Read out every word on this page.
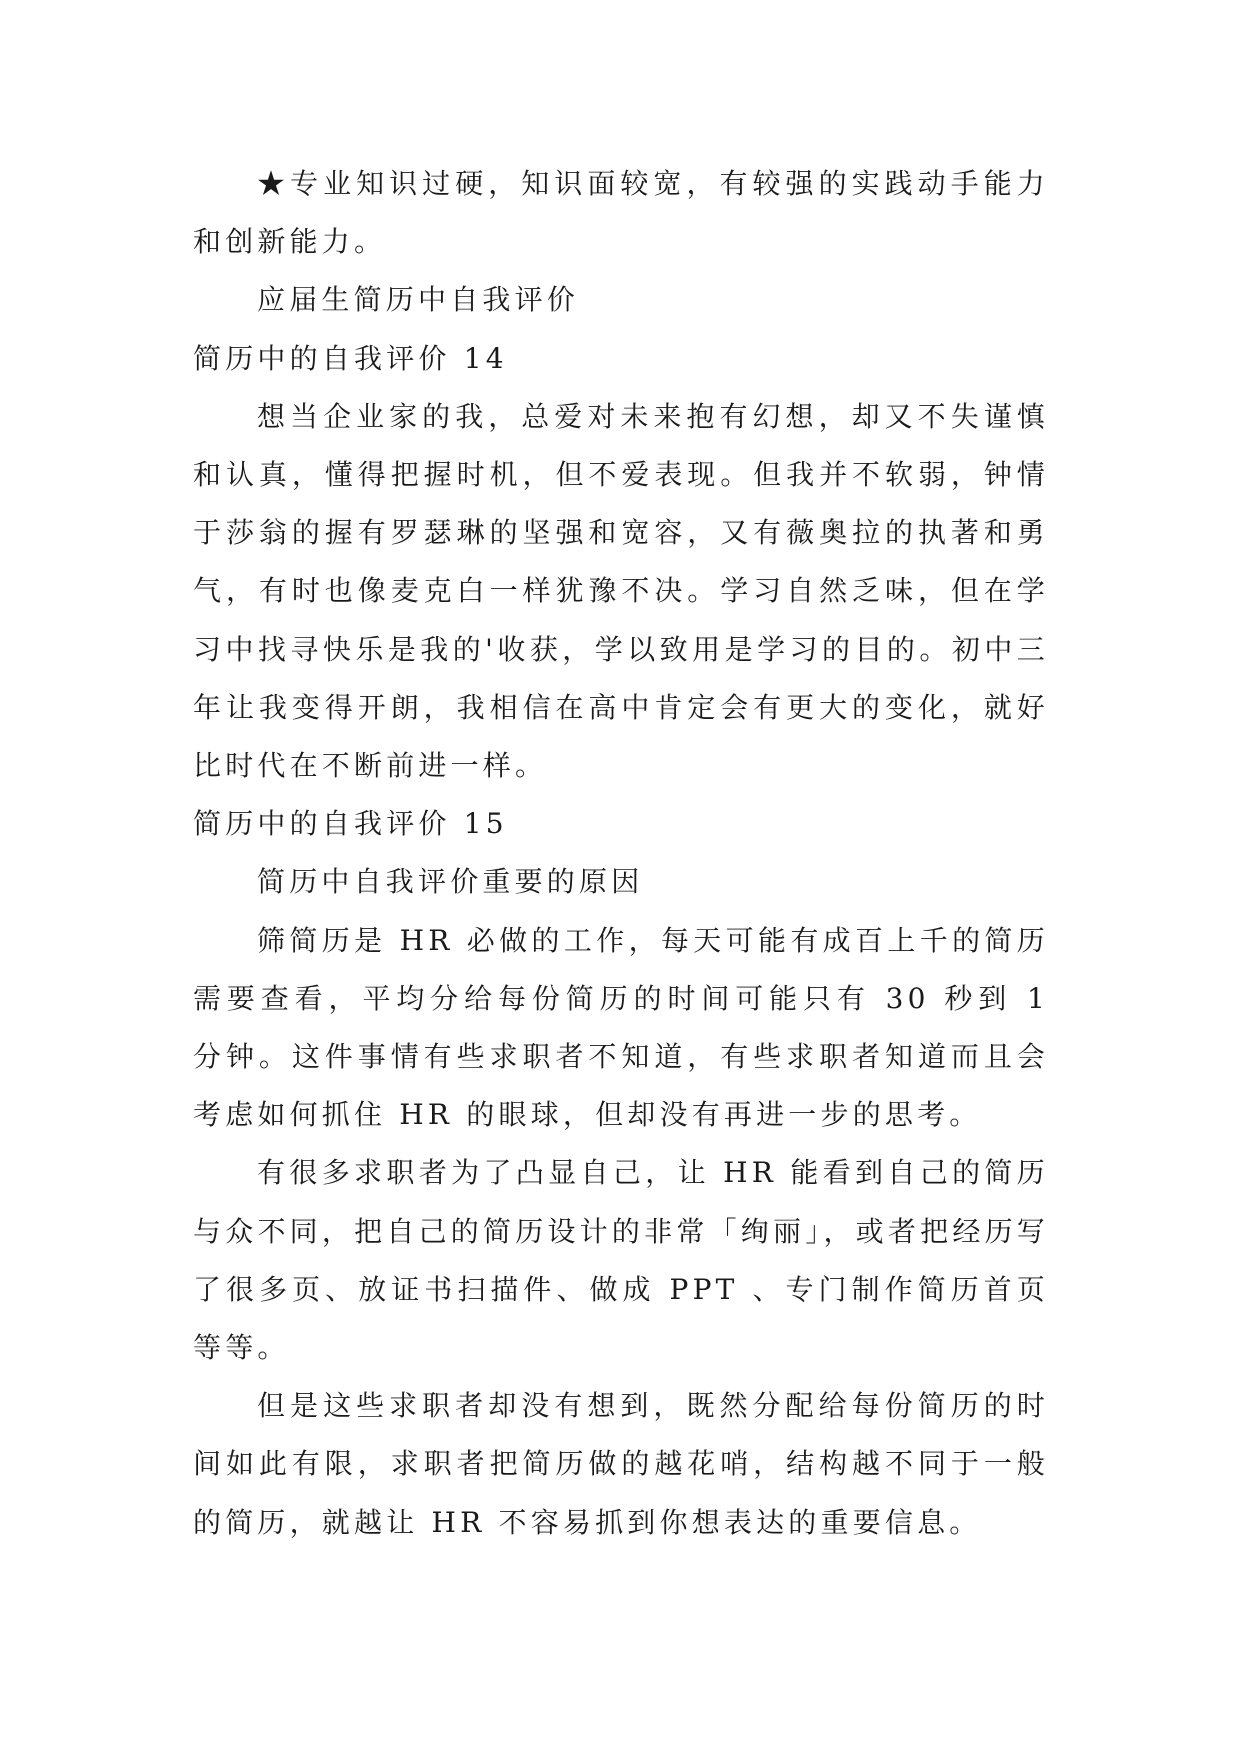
★专业知识过硬，知识面较宽，有较强的实践动手能力和创新能力。

应届生简历中自我评价

简历中的自我评价 14

想当企业家的我，总爱对未来抱有幻想，却又不失谨慎和认真，懂得把握时机，但不爱表现。但我并不软弱，钟情于莎翁的握有罗瑟琳的坚强和宽容，又有薇奥拉的执著和勇气，有时也像麦克白一样犹豫不决。学习自然乏味，但在学习中找寻快乐是我的'收获，学以致用是学习的目的。初中三年让我变得开朗，我相信在高中肯定会有更大的变化，就好比时代在不断前进一样。

简历中的自我评价 15

简历中自我评价重要的原因

筛简历是 HR 必做的工作，每天可能有成百上千的简历需要查看，平均分给每份简历的时间可能只有 30 秒到 1 分钟。这件事情有些求职者不知道，有些求职者知道而且会考虑如何抓住 HR 的眼球，但却没有再进一步的思考。

有很多求职者为了凸显自己，让 HR 能看到自己的简历与众不同，把自己的简历设计的非常「绚丽」，或者把经历写了很多页、放证书扫描件、做成 PPT 、专门制作简历首页等等。

但是这些求职者却没有想到，既然分配给每份简历的时间如此有限，求职者把简历做的越花哨，结构越不同于一般的简历，就越让 HR 不容易抓到你想表达的重要信息。
